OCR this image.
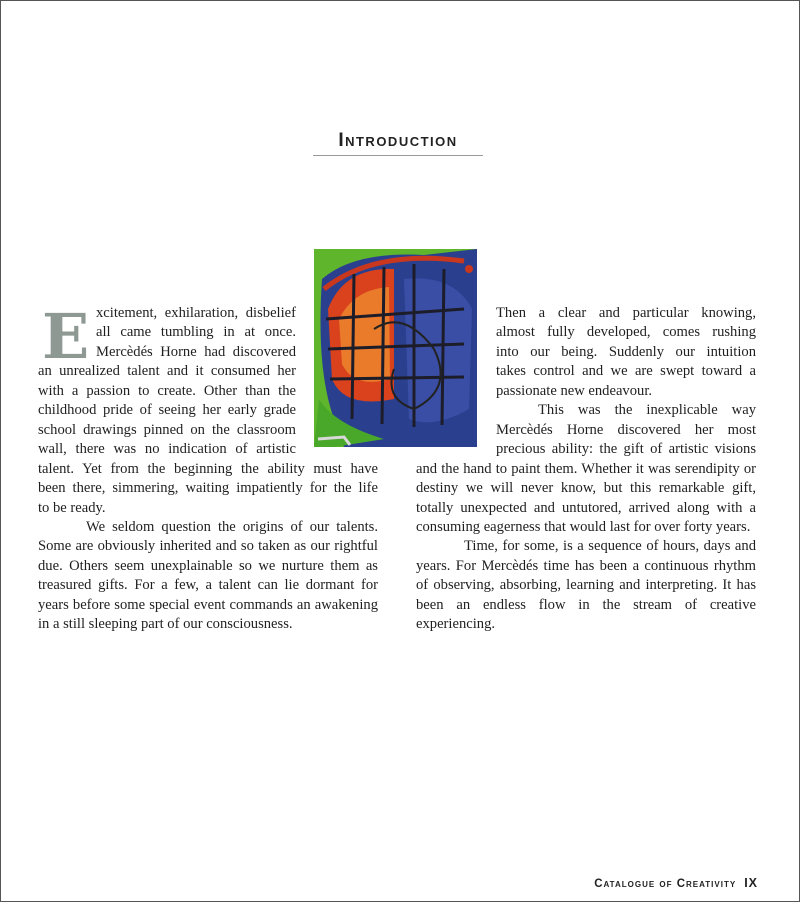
Introduction
E xcitement, exhilaration, disbelief

all came tumbling in at once.

Mercèdés Horne had discovered

an unrealized talent and it consumed her

with a passion to create. Other than the

childhood pride of seeing her early grade

school drawings pinned on the classroom

wall, there was no indication of artistic

talent. Yet from the beginning the ability must have

been there, simmering, waiting impatiently for the life

to be ready.

We seldom question the origins of our talents. Some are obviously inherited and so taken as our rightful due. Others seem unexplainable so we nurture them as treasured gifts. For a few, a talent can lie dormant for years before some special event commands an awakening in a still sleeping part of our consciousness.

Then a clear and particular knowing,

almost fully developed, comes rushing

into our being. Suddenly our intuition

takes control and we are swept toward a

passionate new endeavour.

This was the inexplicable way

Mercèdés Horne discovered her most

precious ability: the gift of artistic visions

and the hand to paint them. Whether it was serendipity or destiny we will never know, but this remarkable gift, totally unexpected and untutored, arrived along with a consuming eagerness that would last for over forty years.

Time, for some, is a sequence of hours, days and years. For Mercèdés time has been a continuous rhythm of observing, absorbing, learning and interpreting. It has been an endless flow in the stream of creative experiencing.

Catalogue of Creativity IX
